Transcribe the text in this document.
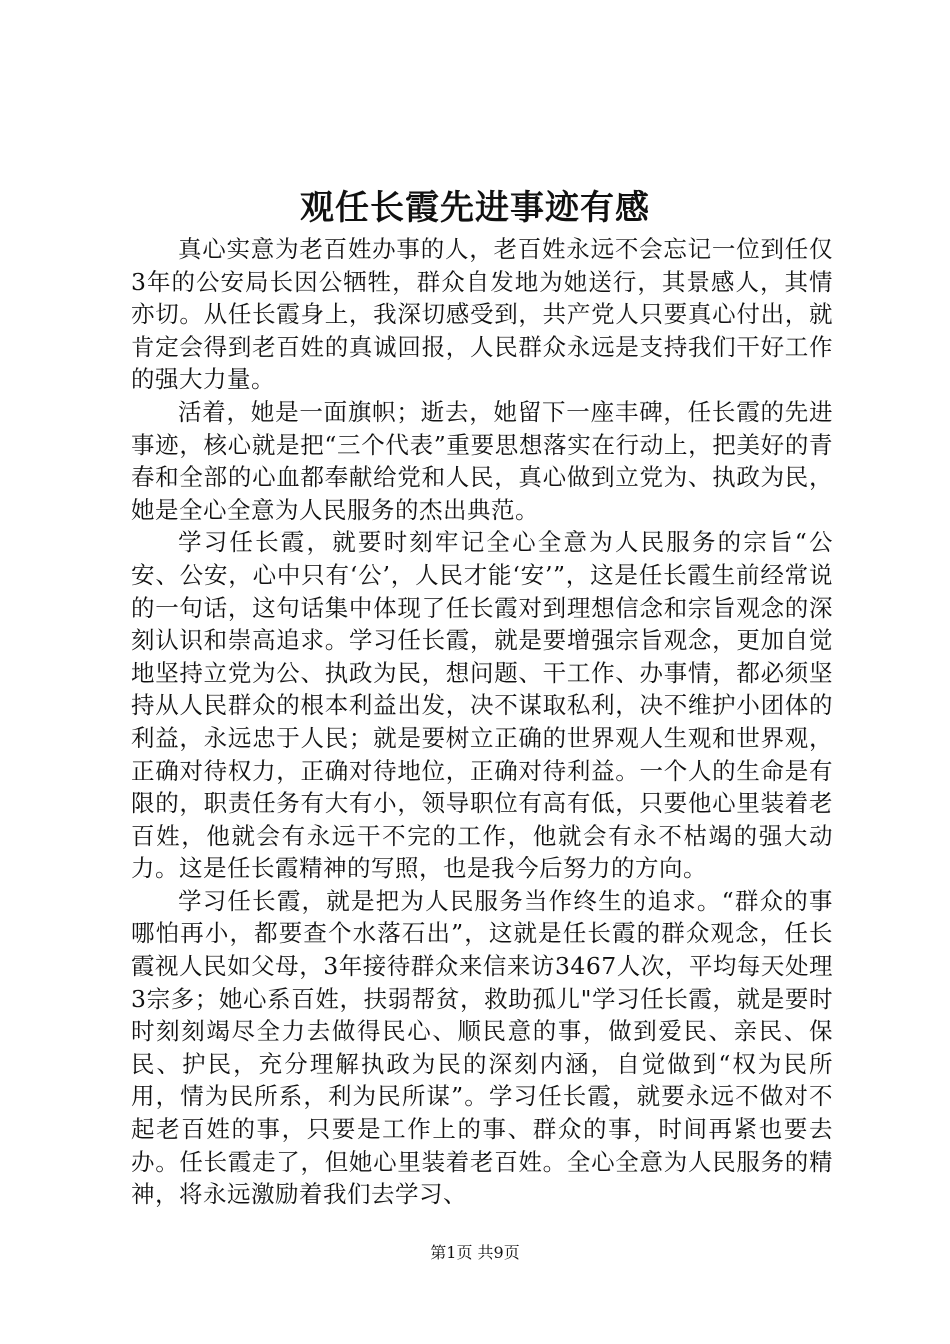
观任长霞先进事迹有感

真心实意为老百姓办事的人，老百姓永远不会忘记一位到任仅3年的公安局长因公牺牲，群众自发地为她送行，其景感人，其情亦切。从任长霞身上，我深切感受到，共产党人只要真心付出，就肯定会得到老百姓的真诚回报，人民群众永远是支持我们干好工作的强大力量。

活着，她是一面旗帜；逝去，她留下一座丰碑，任长霞的先进事迹，核心就是把“三个代表”重要思想落实在行动上，把美好的青春和全部的心血都奉献给党和人民，真心做到立党为、执政为民，她是全心全意为人民服务的杰出典范。

学习任长霞，就要时刻牢记全心全意为人民服务的宗旨“公安、公安，心中只有‘公’，人民才能‘安’”，这是任长霞生前经常说的一句话，这句话集中体现了任长霞对到理想信念和宗旨观念的深刻认识和崇高追求。学习任长霞，就是要增强宗旨观念，更加自觉地坚持立党为公、执政为民，想问题、干工作、办事情，都必须坚持从人民群众的根本利益出发，决不谋取私利，决不维护小团体的利益，永远忠于人民；就是要树立正确的世界观人生观和世界观，正确对待权力，正确对待地位，正确对待利益。一个人的生命是有限的，职责任务有大有小，领导职位有高有低，只要他心里装着老百姓，他就会有永远干不完的工作，他就会有永不枯竭的强大动力。这是任长霞精神的写照，也是我今后努力的方向。

学习任长霞，就是把为人民服务当作终生的追求。“群众的事哪怕再小，都要查个水落石出”，这就是任长霞的群众观念，任长霞视人民如父母，3年接待群众来信来访3467人次，平均每天处理3宗多；她心系百姓，扶弱帮贫，救助孤儿"学习任长霞，就是要时时刻刻竭尽全力去做得民心、顺民意的事，做到爱民、亲民、保民、护民，充分理解执政为民的深刻内涵，自觉做到“权为民所用，情为民所系，利为民所谋”。学习任长霞，就要永远不做对不起老百姓的事，只要是工作上的事、群众的事，时间再紧也要去办。任长霞走了，但她心里装着老百姓。全心全意为人民服务的精神，将永远激励着我们去学习、

第1页 共9页
